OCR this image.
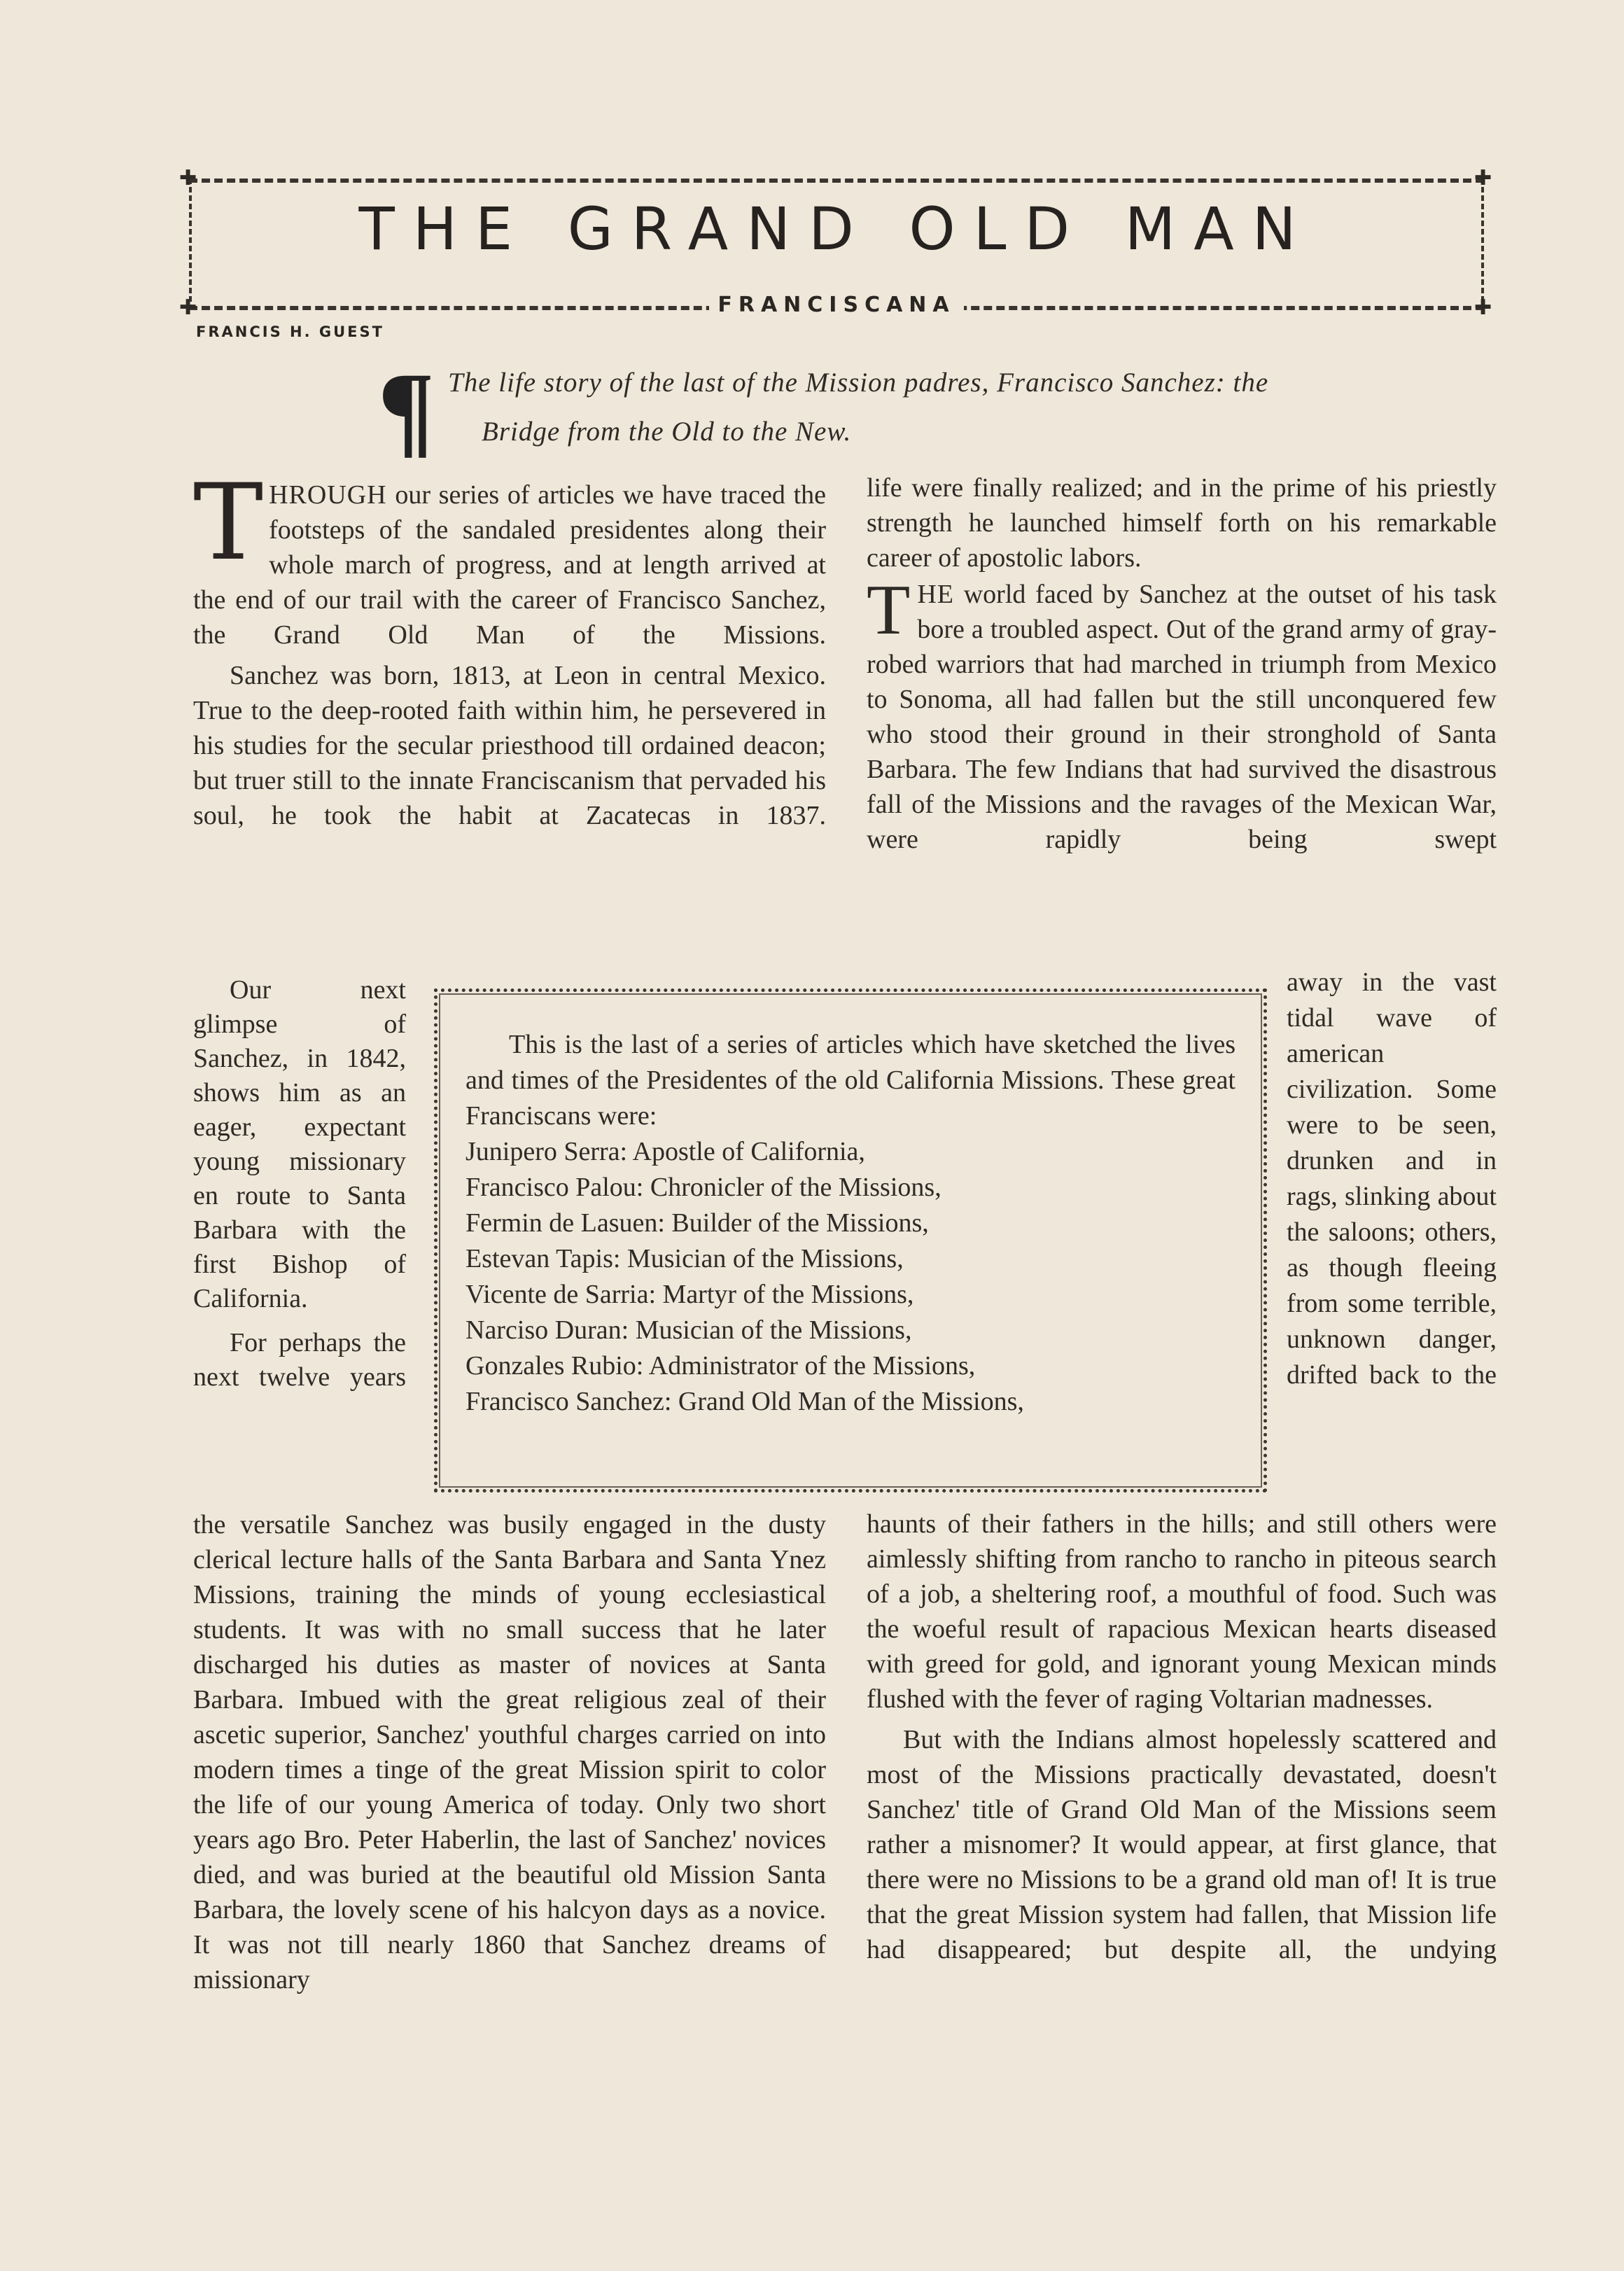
✚	✚
✚	✚
THE GRAND OLD MAN
FRANCISCANA
FRANCIS H. GUEST
¶ The life story of the last of the Mission padres, Francisco Sanchez: the
Bridge from the Old to the New.

THROUGH our series of articles we have traced the footsteps of the sandaled presidentes along their whole march of progress, and at length arrived at the end of our trail with the career of Francisco Sanchez, the Grand Old Man of the Missions.

Sanchez was born, 1813, at Leon in central Mexico. True to the deep-rooted faith within him, he persevered in his studies for the secular priesthood till ordained deacon; but truer still to the innate Franciscanism that pervaded his soul, he took the habit at Zacatecas in 1837.

Our next glimpse of Sanchez, in 1842, shows him as an eager, expectant young missionary en route to Santa Barbara with the first Bishop of California.

For perhaps the next twelve years

the versatile Sanchez was busily engaged in the dusty clerical lecture halls of the Santa Barbara and Santa Ynez Missions, training the minds of young ecclesiastical students. It was with no small success that he later discharged his duties as master of novices at Santa Barbara. Imbued with the great religious zeal of their ascetic superior, Sanchez' youthful charges carried on into modern times a tinge of the great Mission spirit to color the life of our young America of today. Only two short years ago Bro. Peter Haberlin, the last of Sanchez' novices died, and was buried at the beautiful old Mission Santa Barbara, the lovely scene of his halcyon days as a novice. It was not till nearly 1860 that Sanchez dreams of missionary

life were finally realized; and in the prime of his priestly strength he launched himself forth on his remarkable career of apostolic labors.

THE world faced by Sanchez at the outset of his task bore a troubled aspect. Out of the grand army of gray-robed warriors that had marched in triumph from Mexico to Sonoma, all had fallen but the still unconquered few who stood their ground in their stronghold of Santa Barbara. The few Indians that had survived the disastrous fall of the Missions and the ravages of the Mexican War, were rapidly being swept

away in the vast tidal wave of american civilization. Some were to be seen, drunken and in rags, slinking about the saloons; others, as though fleeing from some terrible, unknown danger, drifted back to the

haunts of their fathers in the hills; and still others were aimlessly shifting from rancho to rancho in piteous search of a job, a sheltering roof, a mouthful of food. Such was the woeful result of rapacious Mexican hearts diseased with greed for gold, and ignorant young Mexican minds flushed with the fever of raging Voltarian madnesses.

But with the Indians almost hopelessly scattered and most of the Missions practically devastated, doesn't Sanchez' title of Grand Old Man of the Missions seem rather a misnomer? It would appear, at first glance, that there were no Missions to be a grand old man of! It is true that the great Mission system had fallen, that Mission life had disappeared; but despite all, the undying

This is the last of a series of articles which have sketched the lives and times of the Presidentes of the old California Missions. These great Franciscans were:

Junipero Serra: Apostle of California,
Francisco Palou: Chronicler of the Missions,
Fermin de Lasuen: Builder of the Missions,
Estevan Tapis: Musician of the Missions,
Vicente de Sarria: Martyr of the Missions,
Narciso Duran: Musician of the Missions,
Gonzales Rubio: Administrator of the Missions,
Francisco Sanchez: Grand Old Man of the Missions,
